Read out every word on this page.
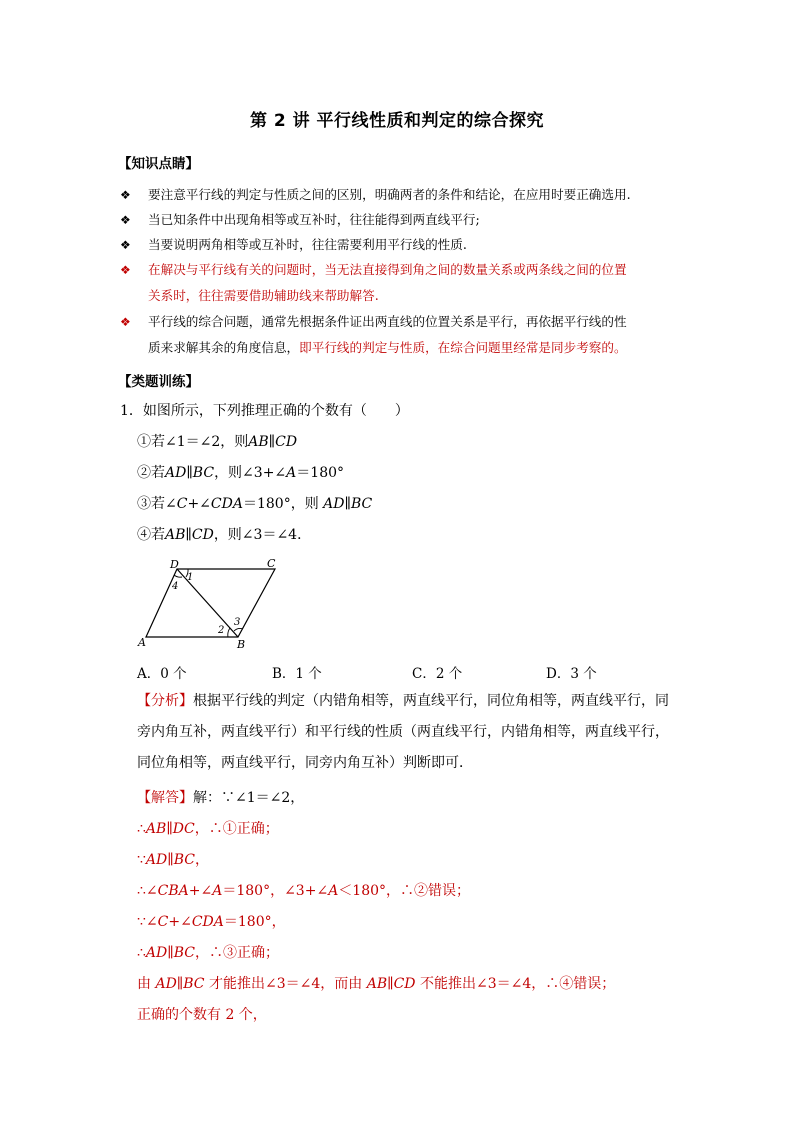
第 2 讲 平行线性质和判定的综合探究
【知识点睛】
❖ 要注意平行线的判定与性质之间的区别，明确两者的条件和结论，在应用时要正确选用.
❖ 当已知条件中出现角相等或互补时，往往能得到两直线平行;
❖ 当要说明两角相等或互补时，往往需要利用平行线的性质.
❖ 在解决与平行线有关的问题时，当无法直接得到角之间的数量关系或两条线之间的位置
关系时，往往需要借助辅助线来帮助解答.
❖ 平行线的综合问题，通常先根据条件证出两直线的位置关系是平行，再依据平行线的性
质来求解其余的角度信息，即平行线的判定与性质，在综合问题里经常是同步考察的。
【类题训练】
1．如图所示，下列推理正确的个数有（　　）
①若∠1＝∠2，则AB∥CD
②若AD∥BC，则∠3+∠A＝180°
③若∠C+∠CDA＝180°，则 AD∥BC
④若AB∥CD，则∠3＝∠4．
D	C
A	B
1
4
2
3
A．0 个	B．1 个	C．2 个	D．3 个
【分析】根据平行线的判定（内错角相等，两直线平行，同位角相等，两直线平行，同旁内角互补，两直线平行）和平行线的性质（两直线平行，内错角相等，两直线平行，同位角相等，两直线平行，同旁内角互补）判断即可．
【解答】解：∵∠1＝∠2，
∴AB∥DC，∴①正确；
∵AD∥BC，
∴∠CBA+∠A＝180°，∠3+∠A＜180°，∴②错误；
∵∠C+∠CDA＝180°，
∴AD∥BC，∴③正确；
由 AD∥BC 才能推出∠3＝∠4，而由 AB∥CD 不能推出∠3＝∠4，∴④错误；
正确的个数有 2 个，
